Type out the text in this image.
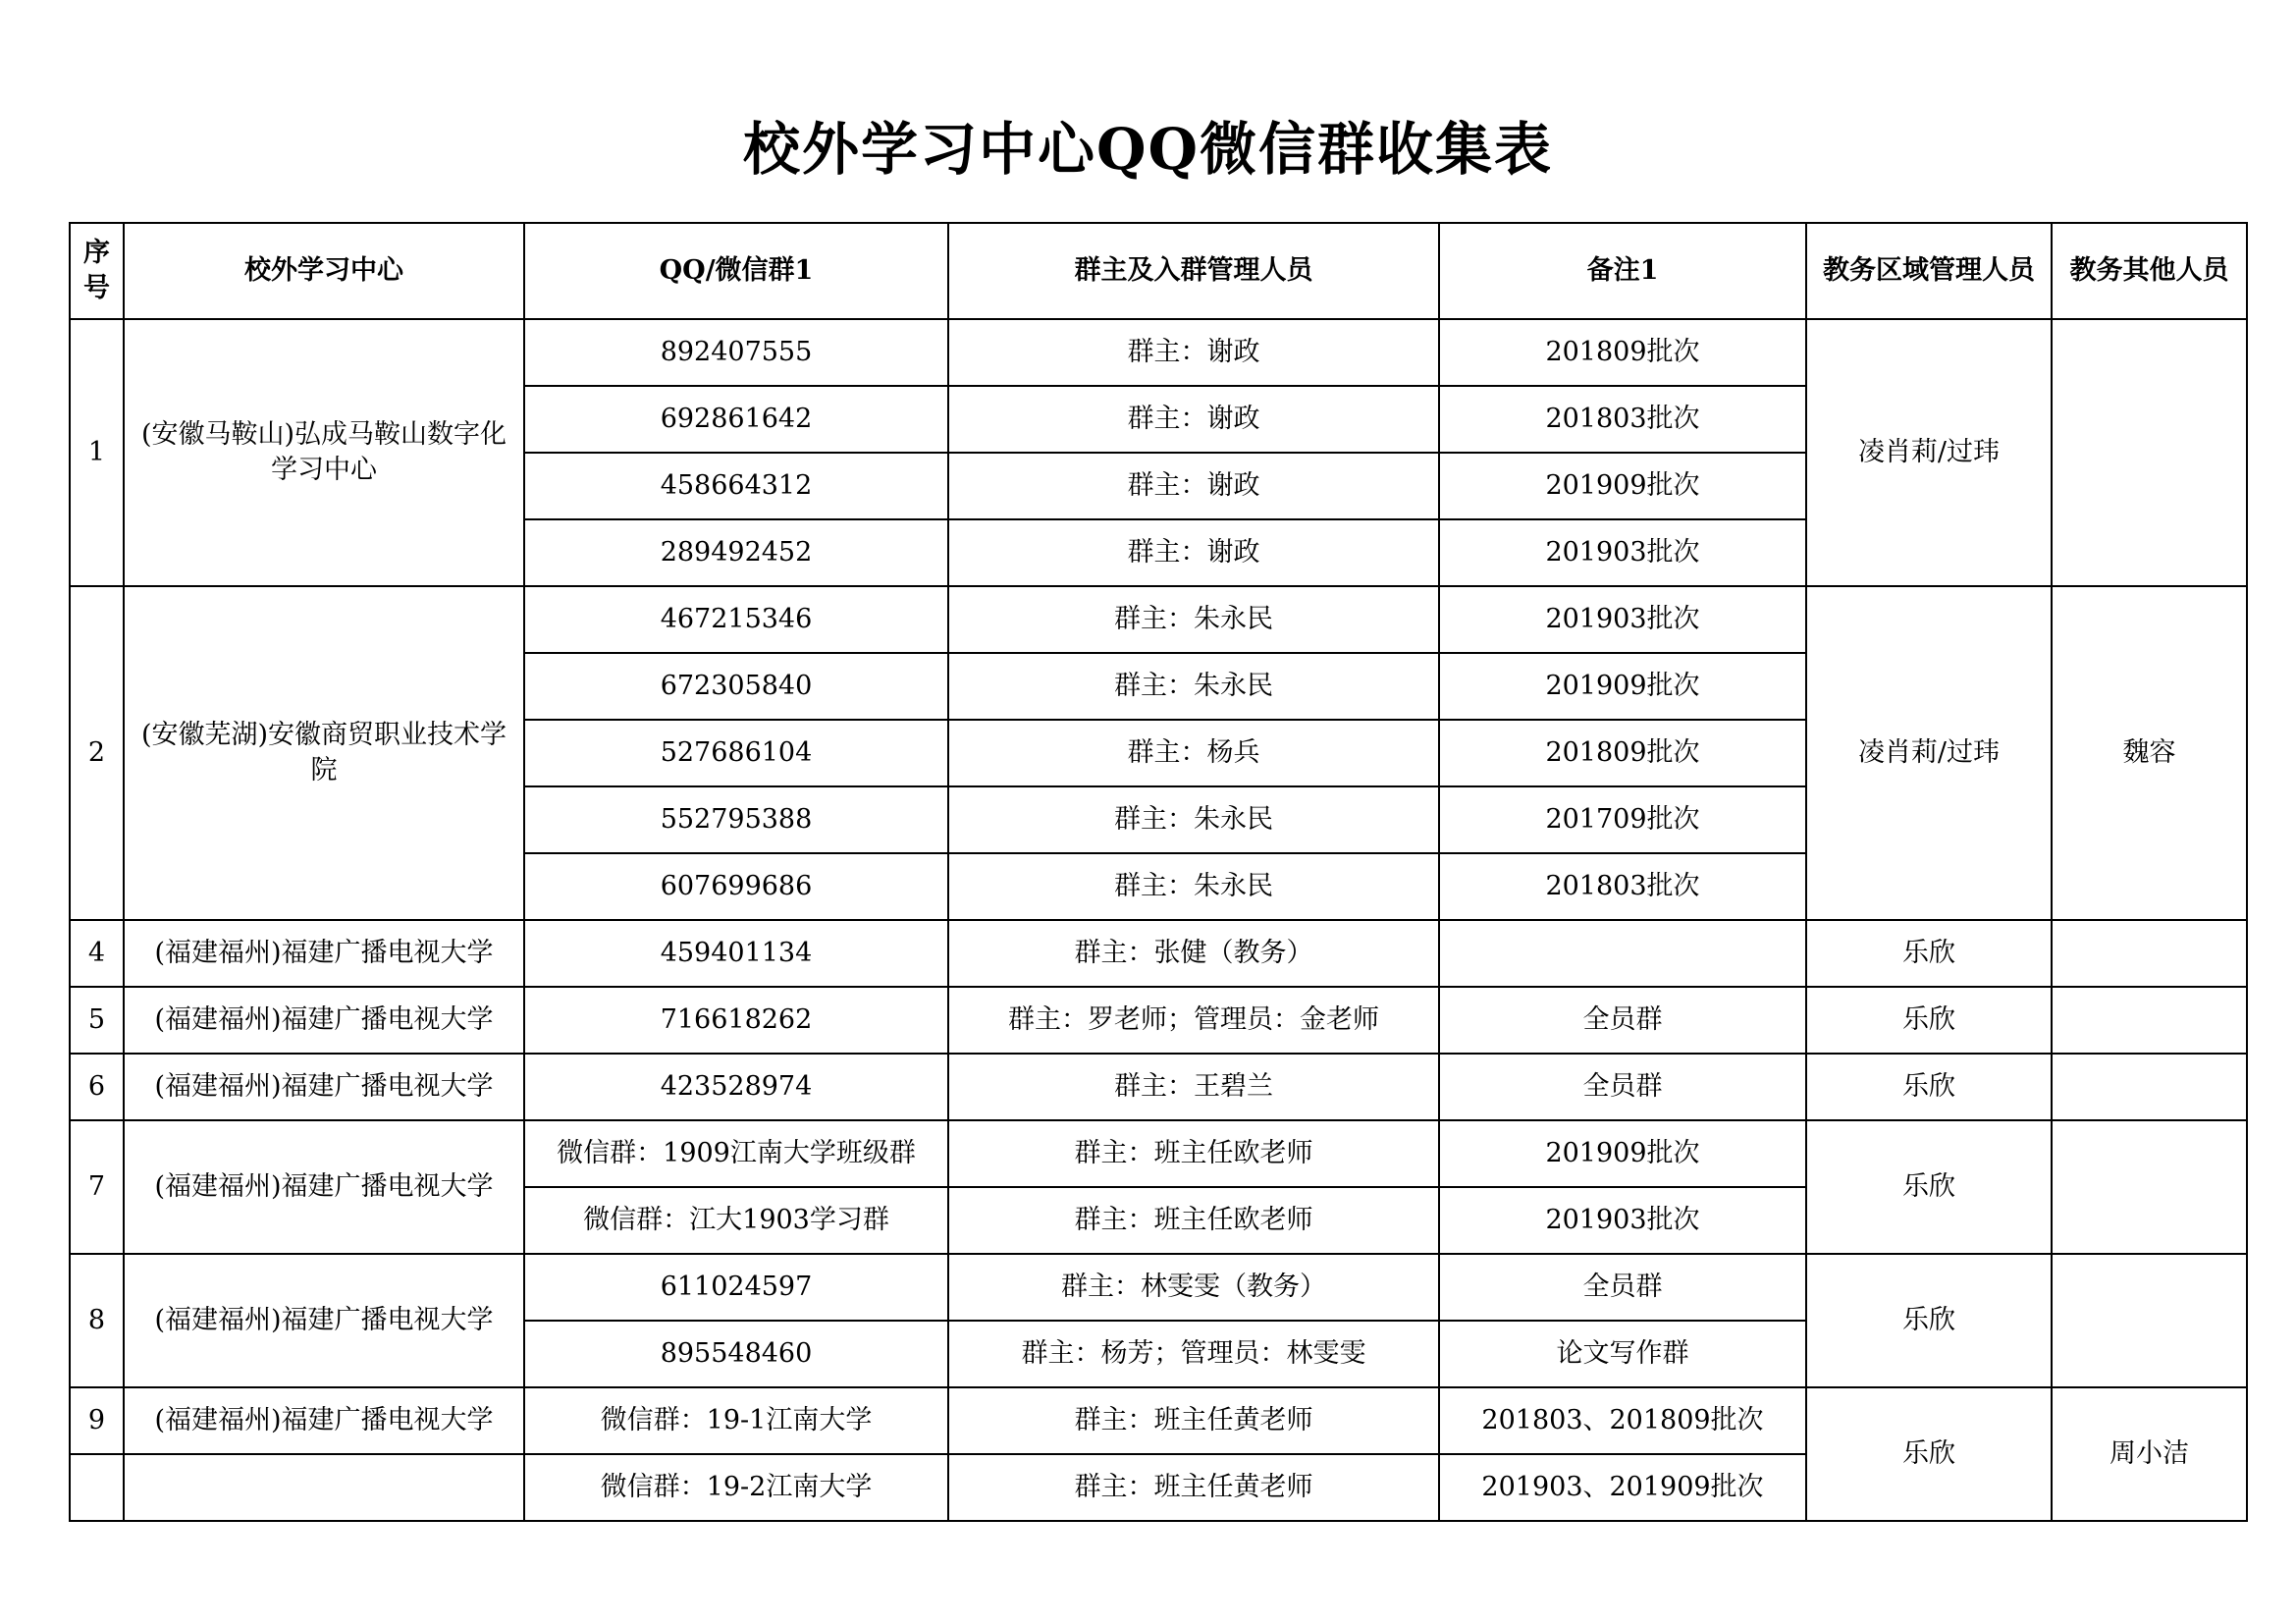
校外学习中心QQ微信群收集表
序号	校外学习中心	QQ/微信群1	群主及入群管理人员	备注1	教务区域管理人员	教务其他人员
1	(安徽马鞍山)弘成马鞍山数字化学习中心	892407555	群主：谢政	201809批次	凌肖莉/过玮	
		692861642	群主：谢政	201803批次		
		458664312	群主：谢政	201909批次		
		289492452	群主：谢政	201903批次		
2	(安徽芜湖)安徽商贸职业技术学院	467215346	群主：朱永民	201903批次	凌肖莉/过玮	魏容
		672305840	群主：朱永民	201909批次		
		527686104	群主：杨兵	201809批次		
		552795388	群主：朱永民	201709批次		
		607699686	群主：朱永民	201803批次		
4	(福建福州)福建广播电视大学	459401134	群主：张健（教务）		乐欣	
5	(福建福州)福建广播电视大学	716618262	群主：罗老师；管理员：金老师	全员群	乐欣	
6	(福建福州)福建广播电视大学	423528974	群主：王碧兰	全员群	乐欣	
7	(福建福州)福建广播电视大学	微信群：1909江南大学班级群	群主：班主任欧老师	201909批次	乐欣	
		微信群：江大1903学习群	群主：班主任欧老师	201903批次		
8	(福建福州)福建广播电视大学	611024597	群主：林雯雯（教务）	全员群	乐欣	
		895548460	群主：杨芳；管理员：林雯雯	论文写作群		
9	(福建福州)福建广播电视大学	微信群：19-1江南大学	群主：班主任黄老师	201803、201809批次	乐欣	周小洁
		微信群：19-2江南大学	群主：班主任黄老师	201903、201909批次		
